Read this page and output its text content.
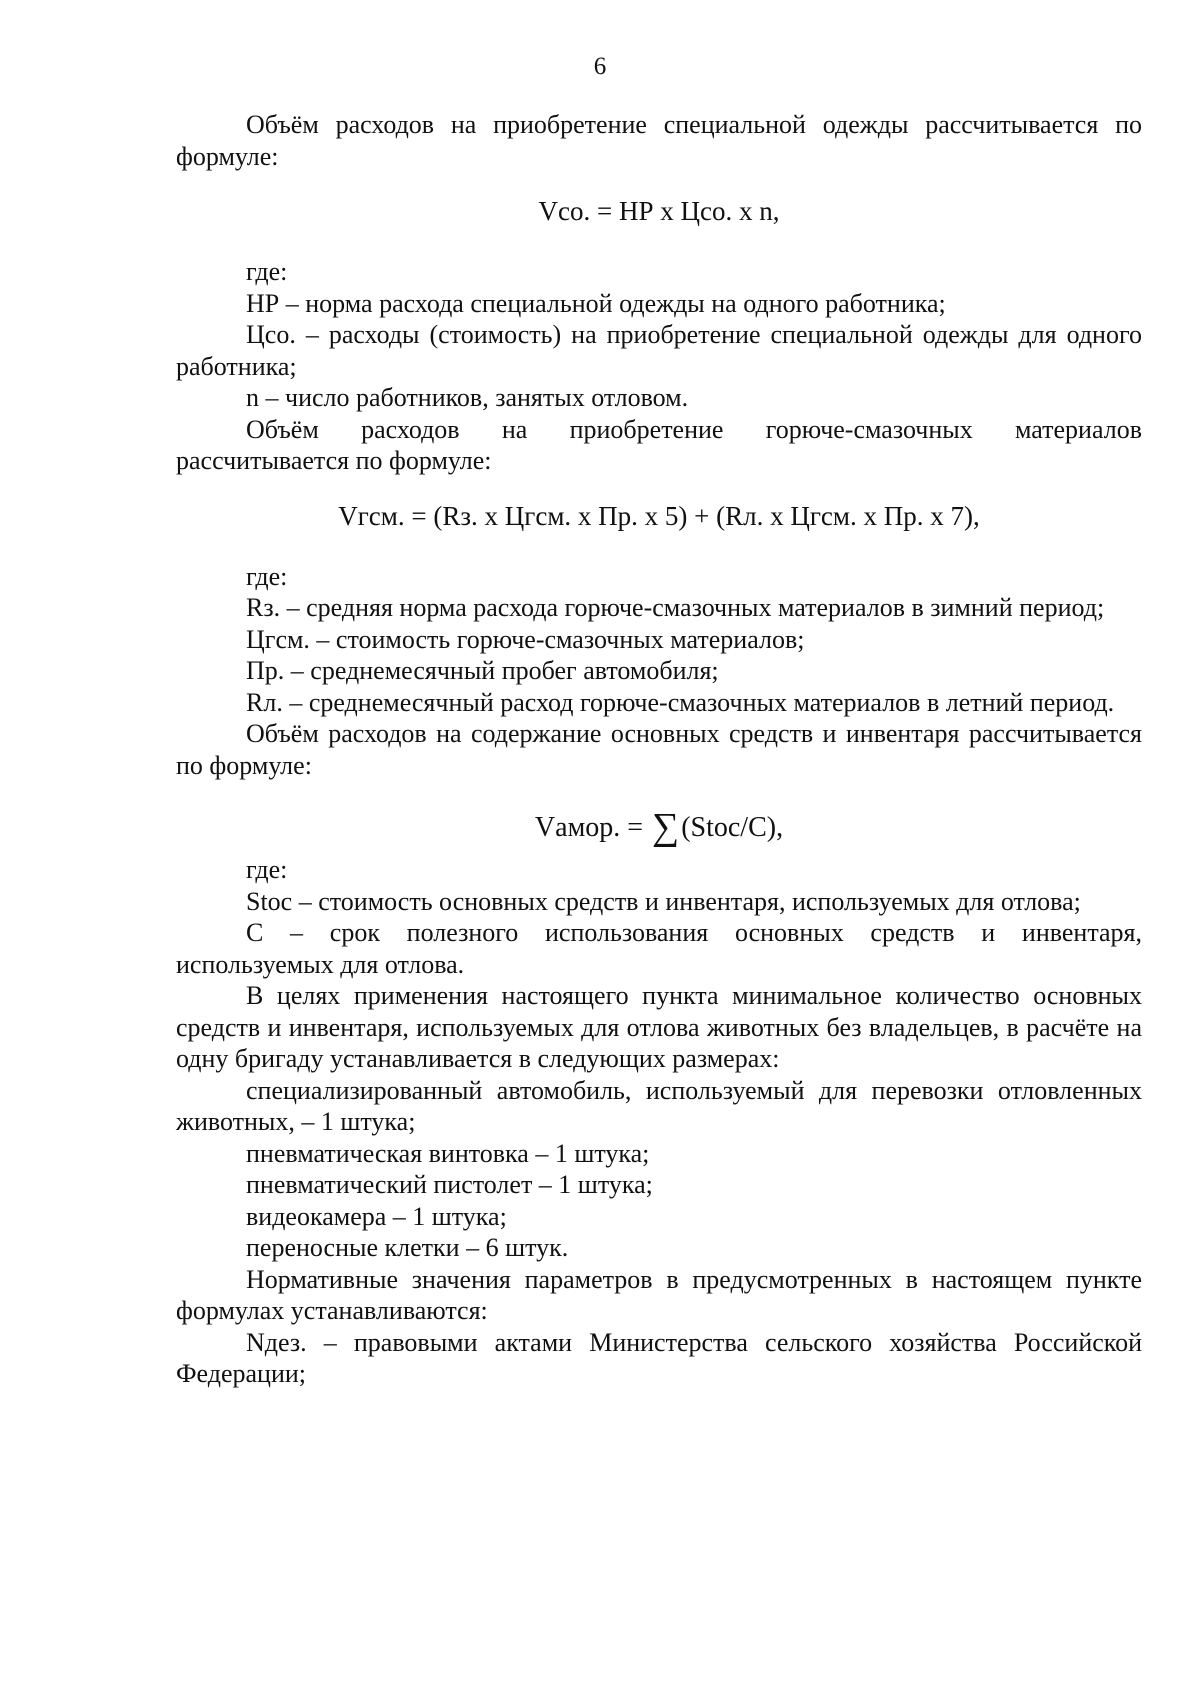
6

Объём расходов на приобретение специальной одежды рассчитывается по формуле:

Vсо. = НР х Цсо. х n,

где:

НР – норма расхода специальной одежды на одного работника;

Цсо. – расходы (стоимость) на приобретение специальной одежды для одного работника;

n – число работников, занятых отловом.

Объём расходов на приобретение горюче-смазочных материалов рассчитывается по формуле:

Vгсм. = (Rз. х Цгсм. х Пр. х 5) + (Rл. х Цгсм. х Пр. х 7),

где:

Rз. – средняя норма расхода горюче-смазочных материалов в зимний период;

Цгсм. – стоимость горюче-смазочных материалов;

Пр. – среднемесячный пробег автомобиля;

Rл. – среднемесячный расход горюче-смазочных материалов в летний период.

Объём расходов на содержание основных средств и инвентаря рассчитывается по формуле:

Vамор. = ∑(Stoc/C),

где:

Stoc – стоимость основных средств и инвентаря, используемых для отлова;

C – срок полезного использования основных средств и инвентаря, используемых для отлова.

В целях применения настоящего пункта минимальное количество основных средств и инвентаря, используемых для отлова животных без владельцев, в расчёте на одну бригаду устанавливается в следующих размерах:

специализированный автомобиль, используемый для перевозки отловленных животных, – 1 штука;

пневматическая винтовка – 1 штука;

пневматический пистолет – 1 штука;

видеокамера – 1 штука;

переносные клетки – 6 штук.

Нормативные значения параметров в предусмотренных в настоящем пункте формулах устанавливаются:

Nдез. – правовыми актами Министерства сельского хозяйства Российской Федерации;
